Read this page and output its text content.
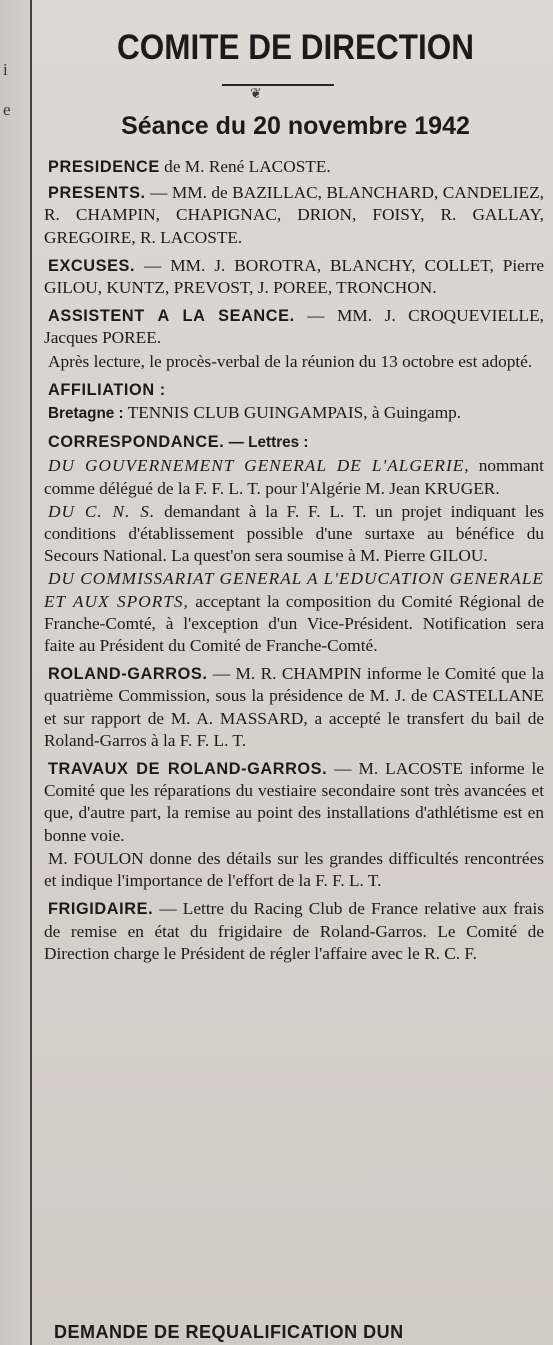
i
e
COMITE DE DIRECTION
❦
Séance du 20 novembre 1942

PRESIDENCE de M. René LACOSTE.

PRESENTS. — MM. de BAZILLAC, BLANCHARD, CANDELIEZ, R. CHAMPIN, CHAPIGNAC, DRION, FOISY, R. GALLAY, GREGOIRE, R. LACOSTE.

EXCUSES. — MM. J. BOROTRA, BLANCHY, COLLET, Pierre GILOU, KUNTZ, PREVOST, J. POREE, TRONCHON.

ASSISTENT A LA SEANCE. — MM. J. CROQUEVIELLE, Jacques POREE.

Après lecture, le procès-verbal de la réunion du 13 octobre est adopté.

AFFILIATION :

Bretagne : TENNIS CLUB GUINGAMPAIS, à Guingamp.

CORRESPONDANCE. — Lettres :

DU GOUVERNEMENT GENERAL DE L'ALGERIE, nommant comme délégué de la F. F. L. T. pour l'Algérie M. Jean KRUGER.

DU C. N. S. demandant à la F. F. L. T. un projet indiquant les conditions d'établissement possible d'une surtaxe au bénéfice du Secours National. La quest'on sera soumise à M. Pierre GILOU.

DU COMMISSARIAT GENERAL A L'EDUCATION GENERALE ET AUX SPORTS, acceptant la composition du Comité Régional de Franche-Comté, à l'exception d'un Vice-Président. Notification sera faite au Président du Comité de Franche-Comté.

ROLAND-GARROS. — M. R. CHAMPIN informe le Comité que la quatrième Commission, sous la présidence de M. J. de CASTELLANE et sur rapport de M. A. MASSARD, a accepté le transfert du bail de Roland-Garros à la F. F. L. T.

TRAVAUX DE ROLAND-GARROS. — M. LACOSTE informe le Comité que les réparations du vestiaire secondaire sont très avancées et que, d'autre part, la remise au point des installations d'athlétisme est en bonne voie.

M. FOULON donne des détails sur les grandes difficultés rencontrées et indique l'importance de l'effort de la F. F. L. T.

FRIGIDAIRE. — Lettre du Racing Club de France relative aux frais de remise en état du frigidaire de Roland-Garros. Le Comité de Direction charge le Président de régler l'affaire avec le R. C. F.

DEMANDE DE REQUALIFICATION DUN
